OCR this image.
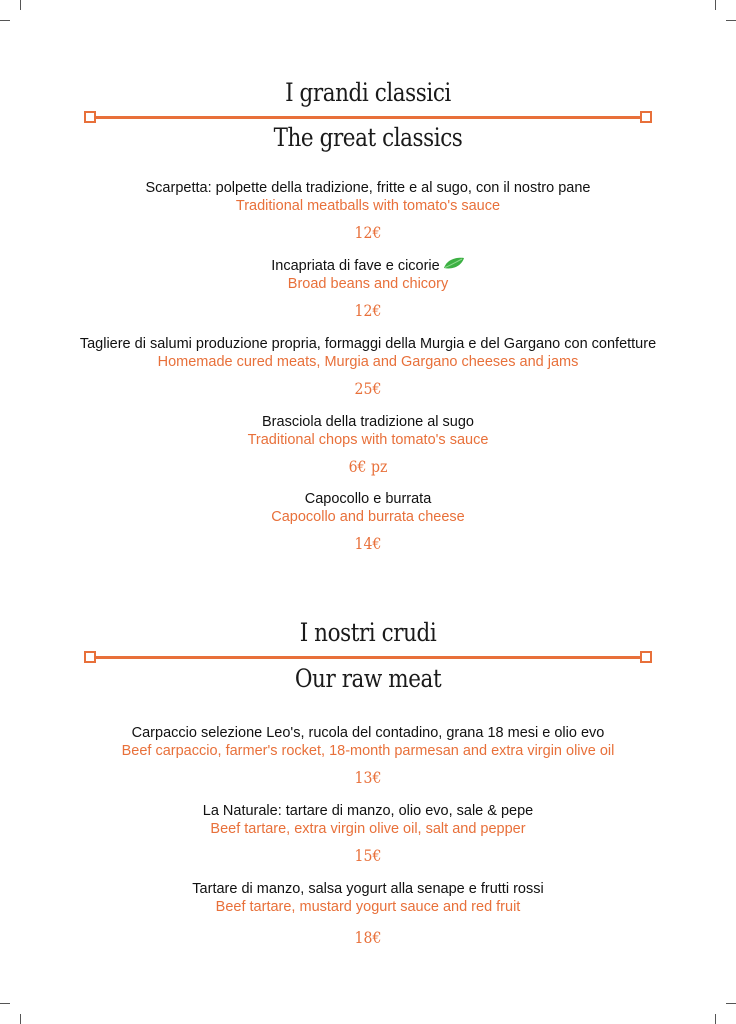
I grandi classici
The great classics
Scarpetta: polpette della tradizione, fritte e al sugo, con il nostro pane
Traditional meatballs with tomato's sauce
12€
Incapriata di fave e cicorie
Broad beans and chicory
12€
Tagliere di salumi produzione propria, formaggi della Murgia e del Gargano con confetture
Homemade cured meats, Murgia and Gargano cheeses and jams
25€
Brasciola della tradizione al sugo
Traditional chops with tomato's sauce
6€ pz
Capocollo e burrata
Capocollo and burrata cheese
14€
I nostri crudi
Our raw meat
Carpaccio selezione Leo's, rucola del contadino, grana 18 mesi e olio evo
Beef carpaccio, farmer's rocket, 18-month parmesan and extra virgin olive oil
13€
La Naturale: tartare di manzo, olio evo, sale & pepe
Beef tartare, extra virgin olive oil, salt and pepper
15€
Tartare di manzo, salsa yogurt alla senape e frutti rossi
Beef tartare, mustard yogurt sauce and red fruit
18€
